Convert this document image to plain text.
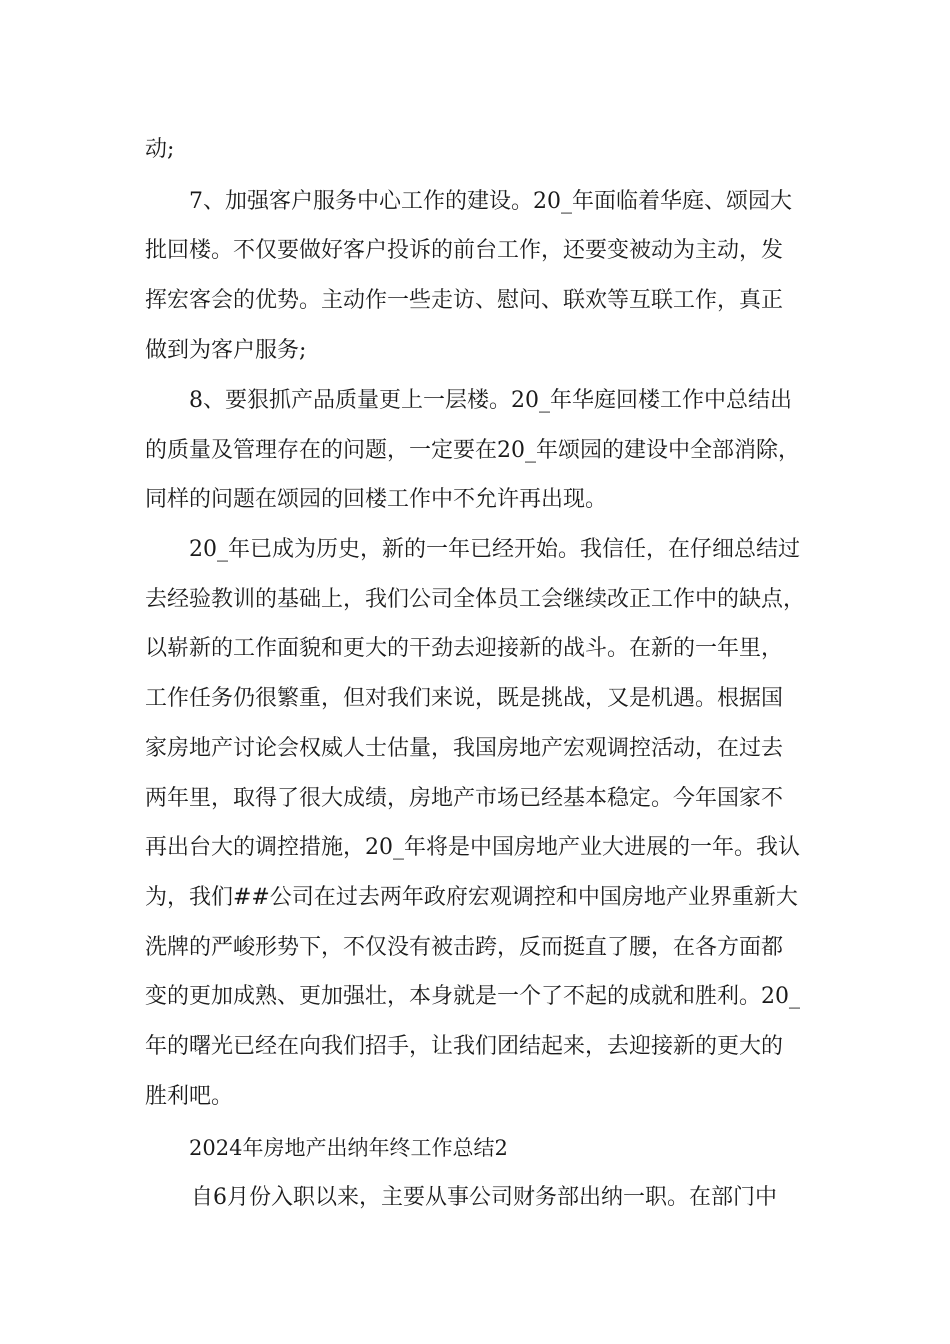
动;
7、加强客户服务中心工作的建设。20_年面临着华庭、颂园大
批回楼。不仅要做好客户投诉的前台工作，还要变被动为主动，发
挥宏客会的优势。主动作一些走访、慰问、联欢等互联工作，真正
做到为客户服务;
8、要狠抓产品质量更上一层楼。20_年华庭回楼工作中总结出
的质量及管理存在的问题，一定要在20_年颂园的建设中全部消除，
同样的问题在颂园的回楼工作中不允许再出现。
20_年已成为历史，新的一年已经开始。我信任，在仔细总结过
去经验教训的基础上，我们公司全体员工会继续改正工作中的缺点，
以崭新的工作面貌和更大的干劲去迎接新的战斗。在新的一年里，
工作任务仍很繁重，但对我们来说，既是挑战，又是机遇。根据国
家房地产讨论会权威人士估量，我国房地产宏观调控活动，在过去
两年里，取得了很大成绩，房地产市场已经基本稳定。今年国家不
再出台大的调控措施，20_年将是中国房地产业大进展的一年。我认
为，我们##公司在过去两年政府宏观调控和中国房地产业界重新大
洗牌的严峻形势下，不仅没有被击跨，反而挺直了腰，在各方面都
变的更加成熟、更加强壮，本身就是一个了不起的成就和胜利。20_
年的曙光已经在向我们招手，让我们团结起来，去迎接新的更大的
胜利吧。
2024年房地产出纳年终工作总结2
自6月份入职以来，主要从事公司财务部出纳一职。在部门中
